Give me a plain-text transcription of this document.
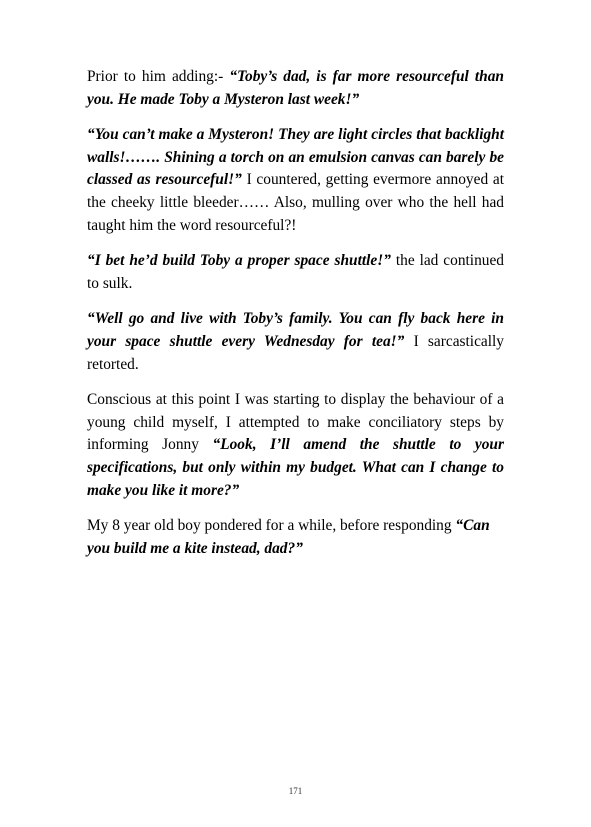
Prior to him adding:- “Toby’s dad, is far more resourceful than you. He made Toby a Mysteron last week!”

“You can’t make a Mysteron! They are light circles that backlight walls!……. Shining a torch on an emulsion canvas can barely be classed as resourceful!” I countered, getting evermore annoyed at the cheeky little bleeder…… Also, mulling over who the hell had taught him the word resourceful?!

“I bet he’d build Toby a proper space shuttle!” the lad continued to sulk.

“Well go and live with Toby’s family. You can fly back here in your space shuttle every Wednesday for tea!” I sarcastically retorted.

Conscious at this point I was starting to display the behaviour of a young child myself, I attempted to make conciliatory steps by informing Jonny “Look, I’ll amend the shuttle to your specifications, but only within my budget. What can I change to make you like it more?”

My 8 year old boy pondered for a while, before responding “Can you build me a kite instead, dad?”

171
